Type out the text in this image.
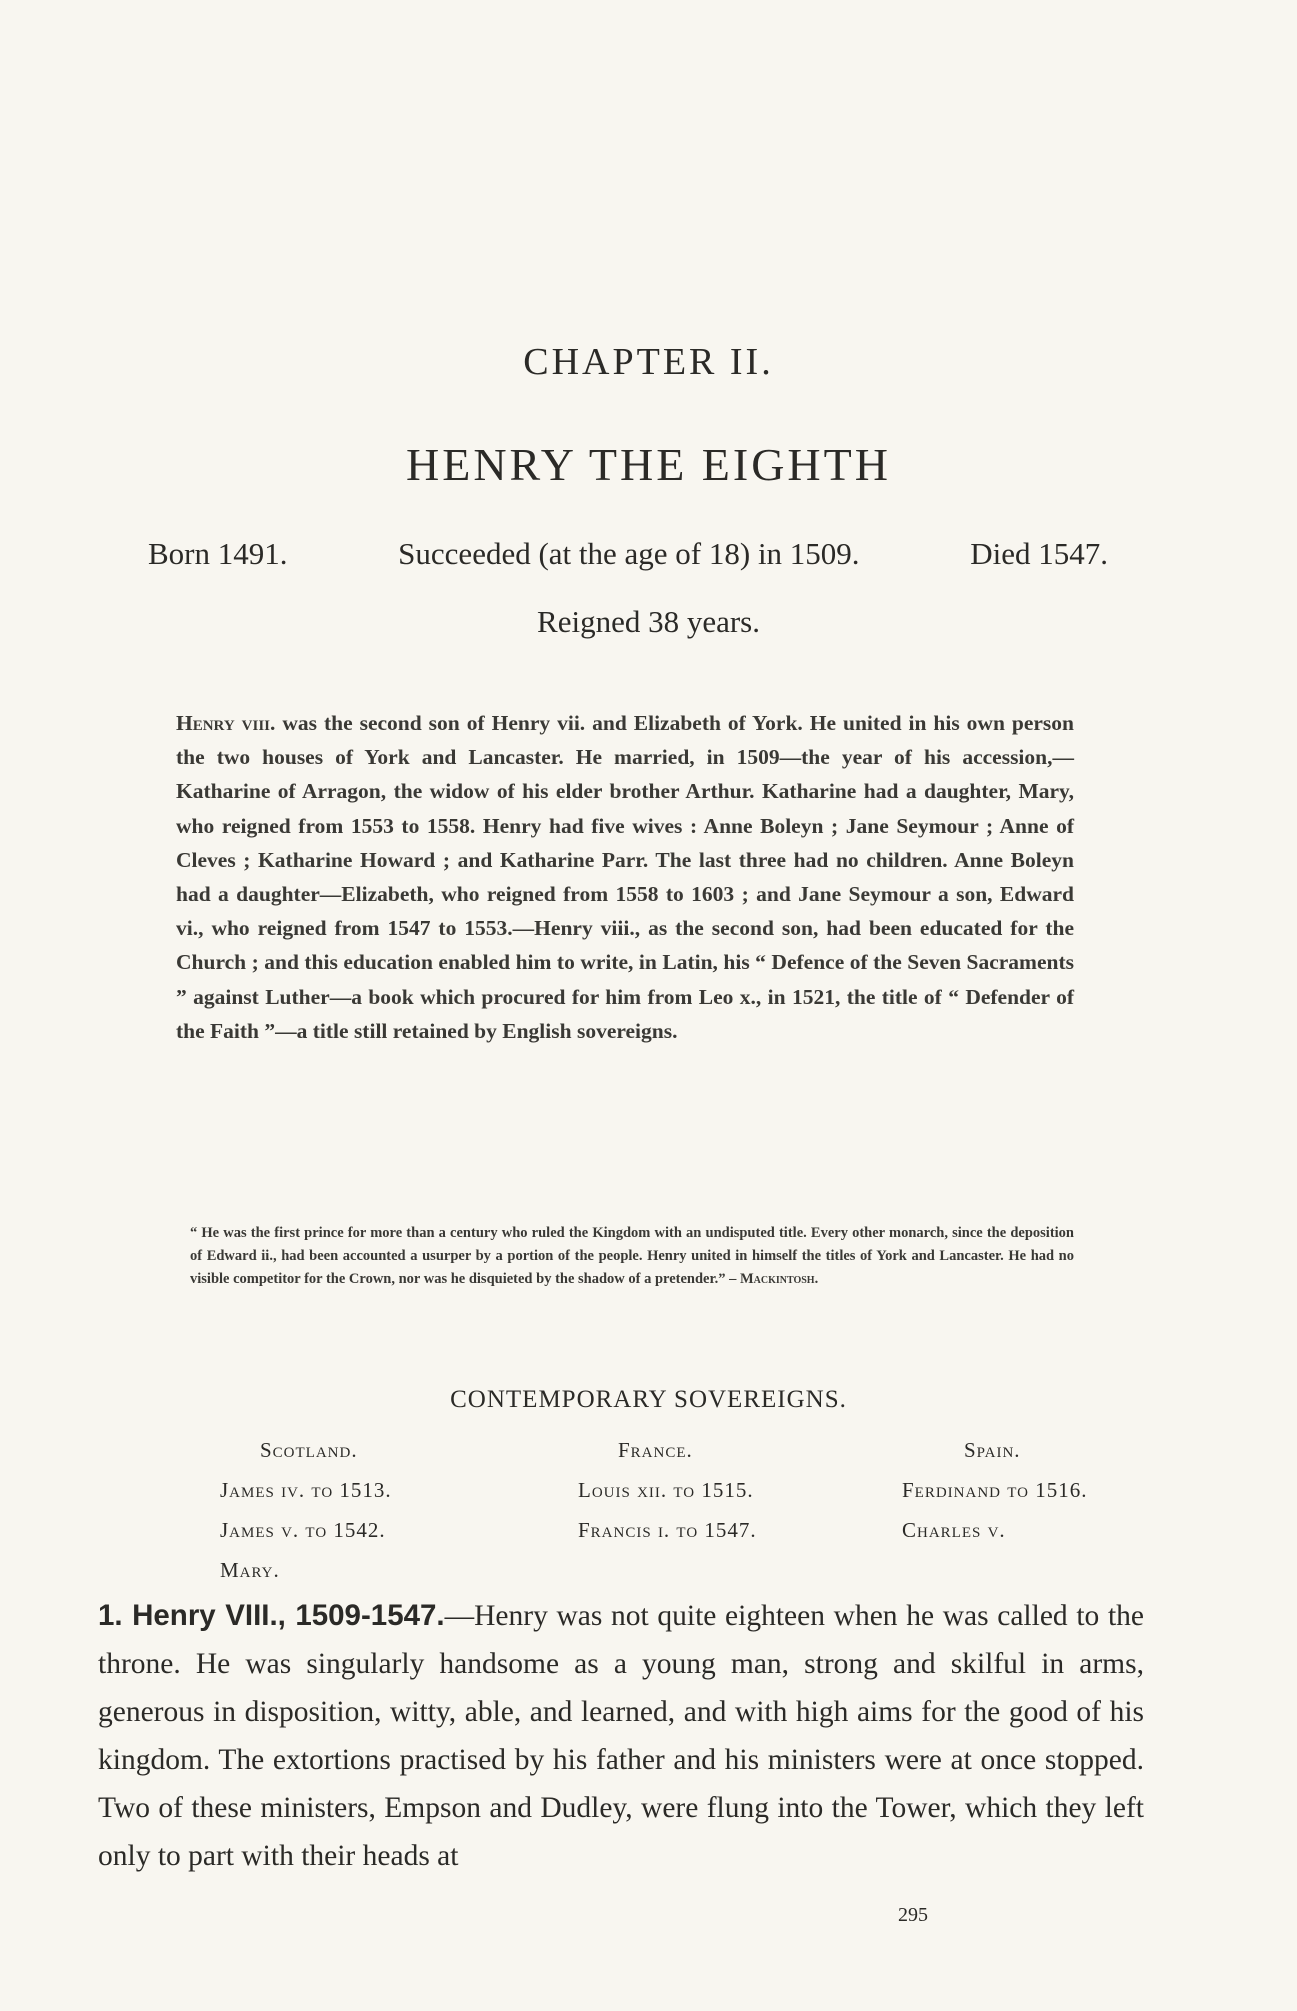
CHAPTER II.
HENRY THE EIGHTH
Born 1491.	Succeeded (at the age of 18) in 1509.	Died 1547.
Reigned 38 years.
Henry viii. was the second son of Henry vii. and Elizabeth of York. He united in his own person the two houses of York and Lancaster. He married, in 1509—the year of his accession,—Katharine of Arragon, the widow of his elder brother Arthur. Katharine had a daughter, Mary, who reigned from 1553 to 1558. Henry had five wives : Anne Boleyn ; Jane Seymour ; Anne of Cleves ; Katharine Howard ; and Katharine Parr. The last three had no children. Anne Boleyn had a daughter—Elizabeth, who reigned from 1558 to 1603 ; and Jane Seymour a son, Edward vi., who reigned from 1547 to 1553.—Henry viii., as the second son, had been educated for the Church ; and this education enabled him to write, in Latin, his “ Defence of the Seven Sacraments ” against Luther—a book which procured for him from Leo x., in 1521, the title of “ Defender of the Faith ”—a title still retained by English sovereigns.
“ He was the first prince for more than a century who ruled the Kingdom with an undisputed title. Every other monarch, since the deposition of Edward ii., had been accounted a usurper by a portion of the people. Henry united in himself the titles of York and Lancaster. He had no visible competitor for the Crown, nor was he disquieted by the shadow of a pretender.” – Mackintosh.
CONTEMPORARY SOVEREIGNS.
Scotland.
James iv. to 1513.
James v. to 1542.
Mary.
France.
Louis xii. to 1515.
Francis i. to 1547.
Spain.
Ferdinand to 1516.
Charles v.
1. Henry VIII., 1509-1547.—Henry was not quite eighteen when he was called to the throne. He was singularly handsome as a young man, strong and skilful in arms, generous in disposition, witty, able, and learned, and with high aims for the good of his kingdom. The extortions practised by his father and his ministers were at once stopped. Two of these ministers, Empson and Dudley, were flung into the Tower, which they left only to part with their heads at
295
